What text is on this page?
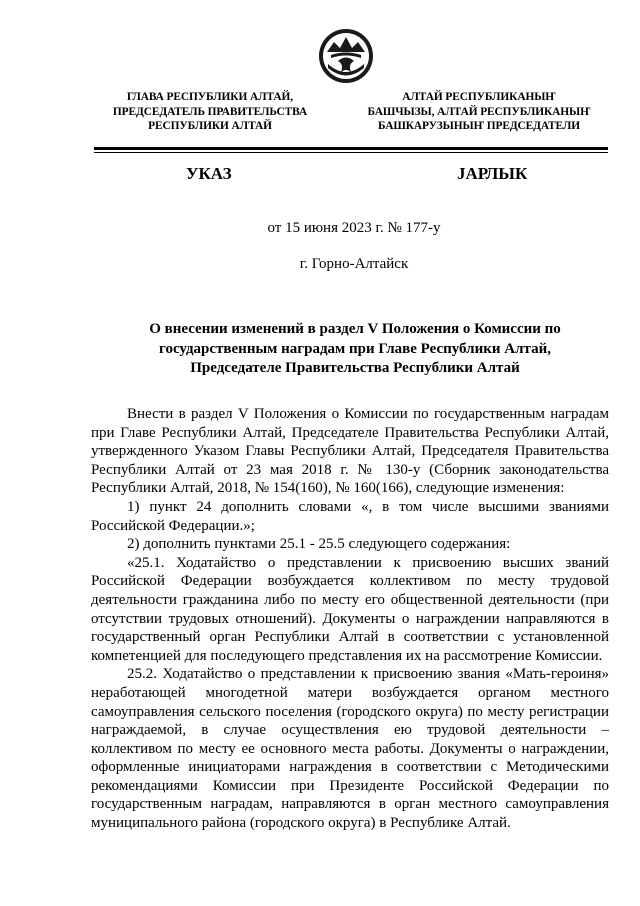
ГЛАВА РЕСПУБЛИКИ АЛТАЙ,
ПРЕДСЕДАТЕЛЬ ПРАВИТЕЛЬСТВА
РЕСПУБЛИКИ АЛТАЙ
АЛТАЙ РЕСПУБЛИКАНЫҤ
БАШЧЫЗЫ, АЛТАЙ РЕСПУБЛИКАНЫҤ
БАШКАРУЗЫНЫҤ ПРЕДСЕДАТЕЛИ
УКАЗ	JАРЛЫК
от 15 июня 2023 г. № 177-у
г. Горно-Алтайск
О внесении изменений в раздел V Положения о Комиссии по
государственным наградам при Главе Республики Алтай,
Председателе Правительства Республики Алтай

Внести в раздел V Положения о Комиссии по государственным наградам при Главе Республики Алтай, Председателе Правительства Республики Алтай, утвержденного Указом Главы Республики Алтай, Председателя Правительства Республики Алтай от 23 мая 2018 г. № 130-у (Сборник законодательства Республики Алтай, 2018, № 154(160), № 160(166), следующие изменения:

1) пункт 24 дополнить словами «, в том числе высшими званиями Российской Федерации.»;

2) дополнить пунктами 25.1 - 25.5 следующего содержания:

«25.1. Ходатайство о представлении к присвоению высших званий Российской Федерации возбуждается коллективом по месту трудовой деятельности гражданина либо по месту его общественной деятельности (при отсутствии трудовых отношений). Документы о награждении направляются в государственный орган Республики Алтай в соответствии с установленной компетенцией для последующего представления их на рассмотрение Комиссии.

25.2. Ходатайство о представлении к присвоению звания «Мать-героиня» неработающей многодетной матери возбуждается органом местного самоуправления сельского поселения (городского округа) по месту регистрации награждаемой, в случае осуществления ею трудовой деятельности – коллективом по месту ее основного места работы. Документы о награждении, оформленные инициаторами награждения в соответствии с Методическими рекомендациями Комиссии при Президенте Российской Федерации по государственным наградам, направляются в орган местного самоуправления муниципального района (городского округа) в Республике Алтай.
